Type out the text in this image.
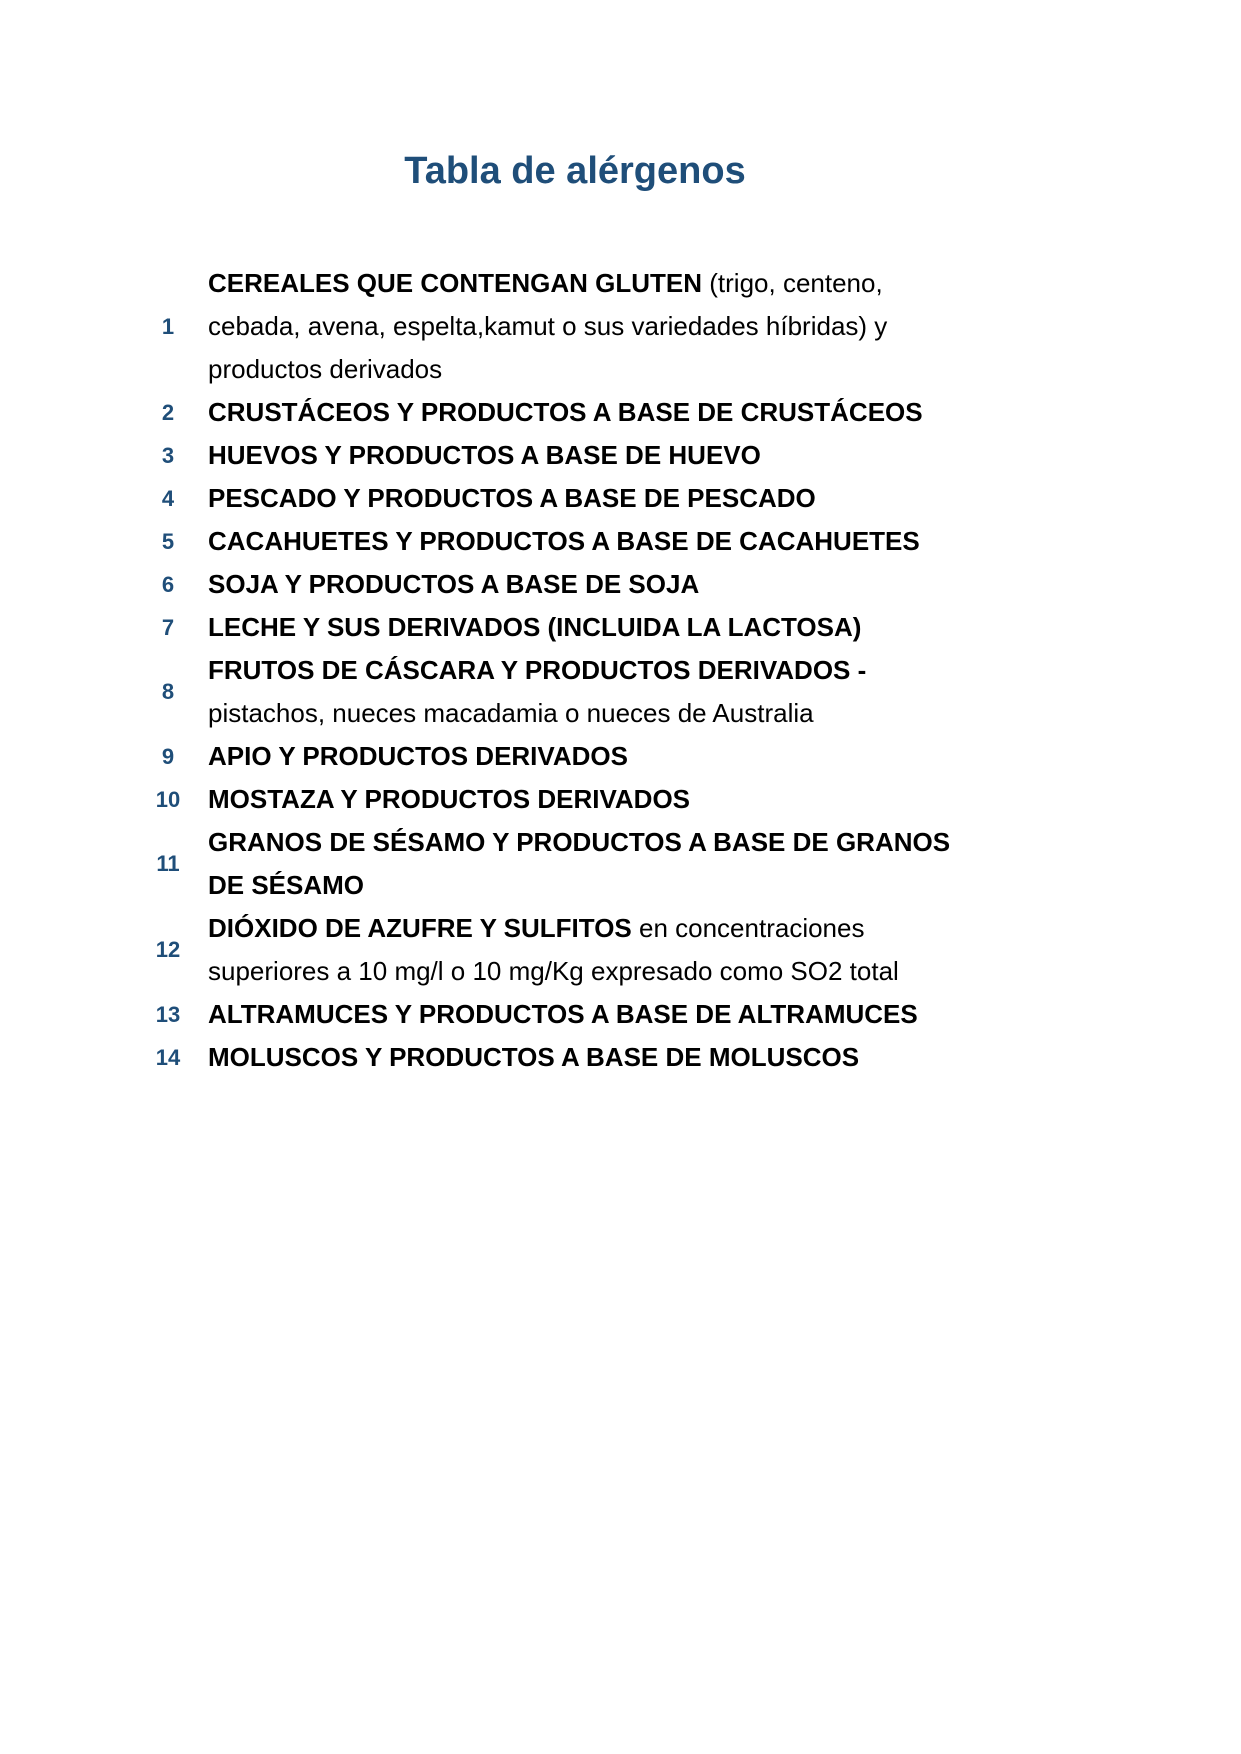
Tabla de alérgenos
1	CEREALES QUE CONTENGAN GLUTEN (trigo, centeno, cebada, avena, espelta,kamut o sus variedades híbridas) y productos derivados
2	CRUSTÁCEOS Y PRODUCTOS A BASE DE CRUSTÁCEOS
3	HUEVOS Y PRODUCTOS A BASE DE HUEVO
4	PESCADO Y PRODUCTOS A BASE DE PESCADO
5	CACAHUETES Y PRODUCTOS A BASE DE CACAHUETES
6	SOJA Y PRODUCTOS A BASE DE SOJA
7	LECHE Y SUS DERIVADOS (INCLUIDA LA LACTOSA)
8	FRUTOS DE CÁSCARA Y PRODUCTOS DERIVADOS - pistachos, nueces macadamia o nueces de Australia
9	APIO Y PRODUCTOS DERIVADOS
10	MOSTAZA Y PRODUCTOS DERIVADOS
11	GRANOS DE SÉSAMO Y PRODUCTOS A BASE DE GRANOS DE SÉSAMO
12	DIÓXIDO DE AZUFRE Y SULFITOS en concentraciones superiores a 10 mg/l o 10 mg/Kg expresado como SO2 total
13	ALTRAMUCES Y PRODUCTOS A BASE DE ALTRAMUCES
14	MOLUSCOS Y PRODUCTOS A BASE DE MOLUSCOS
